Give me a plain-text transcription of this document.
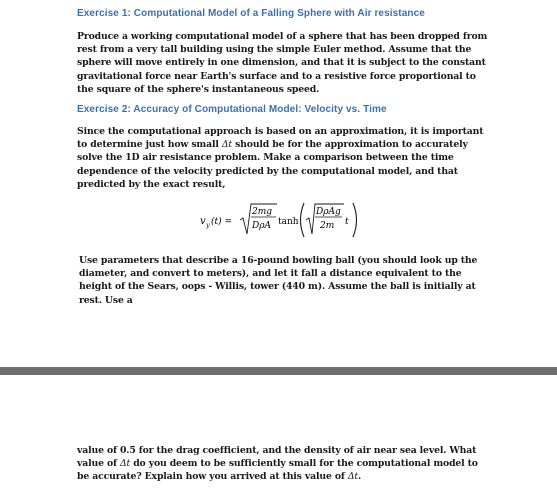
Exercise 1: Computational Model of a Falling Sphere with Air resistance

Produce a working computational model of a sphere that has been dropped from rest from a very tall building using the simple Euler method. Assume that the sphere will move entirely in one dimension, and that it is subject to the constant gravitational force near Earth's surface and to a resistive force proportional to the square of the sphere's instantaneous speed.

Exercise 2: Accuracy of Computational Model: Velocity vs. Time

Since the computational approach is based on an approximation, it is important to determine just how small Δt should be for the approximation to accurately solve the 1D air resistance problem. Make a comparison between the time dependence of the velocity predicted by the computational model, and that predicted by the exact result,

v y (t) =
2mg
DρA tanh
DρAg
2m t

Use parameters that describe a 16-pound bowling ball (you should look up the diameter, and convert to meters), and let it fall a distance equivalent to the height of the Sears, oops - Willis, tower (440 m). Assume the ball is initially at rest. Use a

value of 0.5 for the drag coefficient, and the density of air near sea level. What value of Δt do you deem to be sufficiently small for the computational model to be accurate? Explain how you arrived at this value of Δt.
